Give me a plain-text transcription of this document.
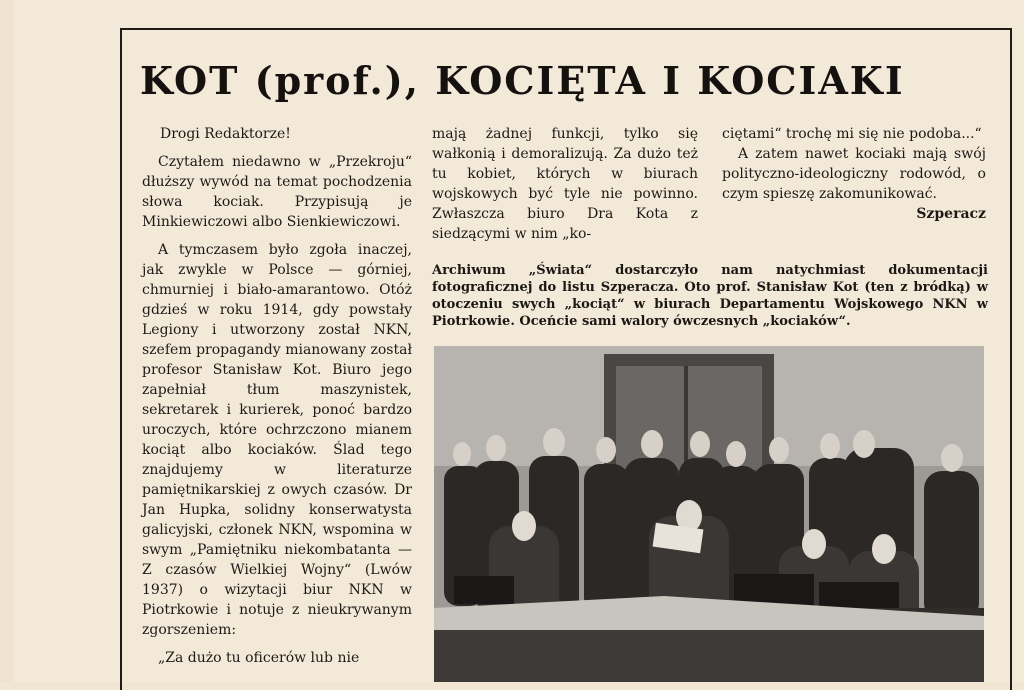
KOT (prof.), KOCIĘTA I KOCIAKI

Drogi Redaktorze!

Czytałem niedawno w „Przekroju“ dłuższy wywód na temat pochodzenia słowa kociak. Przypisują je Minkiewiczowi albo Sienkiewiczowi.

A tymczasem było zgoła inaczej, jak zwykle w Polsce — górniej, chmurniej i biało-amarantowo. Otóż gdzieś w roku 1914, gdy powstały Legiony i utworzony został NKN, szefem propagandy mianowany został profesor Stanisław Kot. Biuro jego zapełniał tłum maszynistek, sekretarek i kurierek, ponoć bardzo uroczych, które ochrzczono mianem kociąt albo kociaków. Ślad tego znajdujemy w literaturze pamiętnikarskiej z owych czasów. Dr Jan Hupka, solidny konserwatysta galicyjski, członek NKN, wspomina w swym „Pamiętniku niekombatanta — Z czasów Wielkiej Wojny“ (Lwów 1937) o wizytacji biur NKN w Piotrkowie i notuje z nieukrywanym zgorszeniem:

„Za dużo tu oficerów lub nie

mają żadnej funkcji, tylko się wałkonią i demoralizują. Za dużo też tu kobiet, których w biurach wojskowych być tyle nie powinno. Zwłaszcza biuro Dra Kota z siedzącymi w nim „ko-

ciętami“ trochę mi się nie podoba...“

A zatem nawet kociaki mają swój polityczno-ideologiczny rodowód, o czym spieszę zakomunikować.

Szperacz

Archiwum „Świata“ dostarczyło nam natychmiast dokumentacji fotograficznej do listu Szperacza. Oto prof. Stanisław Kot (ten z bródką) w otoczeniu swych „kociąt“ w biurach Departamentu Wojskowego NKN w Piotrkowie. Oceńcie sami walory ówczesnych „kociaków“.
